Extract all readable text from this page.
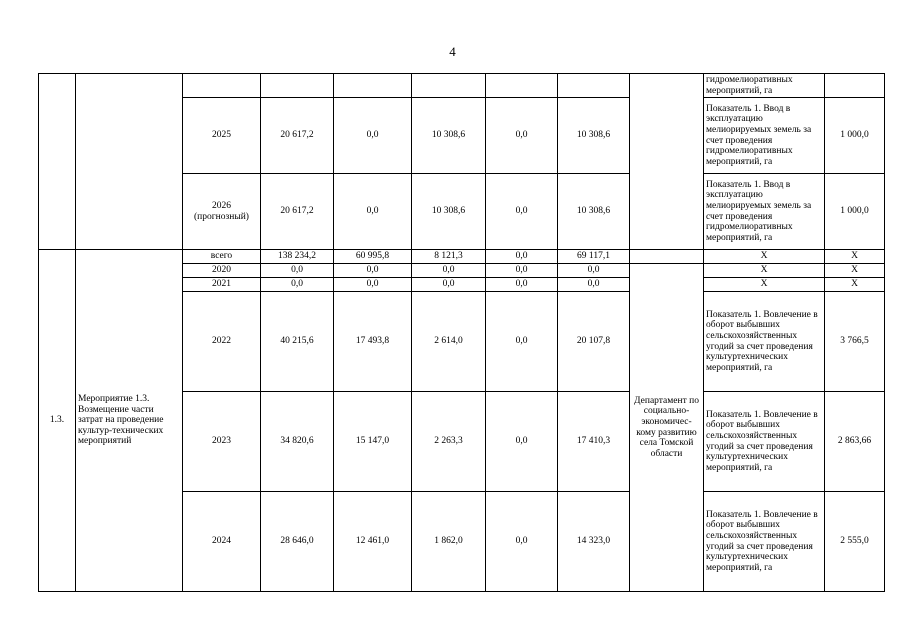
4
									гидромелиоративных мероприятий, га	
		2025	20 617,2	0,0	10 308,6	0,0	10 308,6		Показатель 1. Ввод в эксплуатацию мелиорируемых земель за счет проведения гидромелиоративных мероприятий, га	1 000,0
		2026 (прогнозный)	20 617,2	0,0	10 308,6	0,0	10 308,6		Показатель 1. Ввод в эксплуатацию мелиорируемых земель за счет проведения гидромелиоративных мероприятий, га	1 000,0
1.3.	Мероприятие 1.3. Возмещение части затрат на проведение культур-технических мероприятий	всего	138 234,2	60 995,8	8 121,3	0,0	69 117,1		Х	Х
		2020	0,0	0,0	0,0	0,0	0,0	Департамент по социально-экономичес-кому развитию села Томской области	Х	Х
		2021	0,0	0,0	0,0	0,0	0,0		Х	Х
		2022	40 215,6	17 493,8	2 614,0	0,0	20 107,8		Показатель 1. Вовлечение в оборот выбывших сельскохозяйственных угодий за счет проведения культуртехнических мероприятий, га	3 766,5
		2023	34 820,6	15 147,0	2 263,3	0,0	17 410,3		Показатель 1. Вовлечение в оборот выбывших сельскохозяйственных угодий за счет проведения культуртехнических мероприятий, га	2 863,66
		2024	28 646,0	12 461,0	1 862,0	0,0	14 323,0		Показатель 1. Вовлечение в оборот выбывших сельскохозяйственных угодий за счет проведения культуртехнических мероприятий, га	2 555,0
